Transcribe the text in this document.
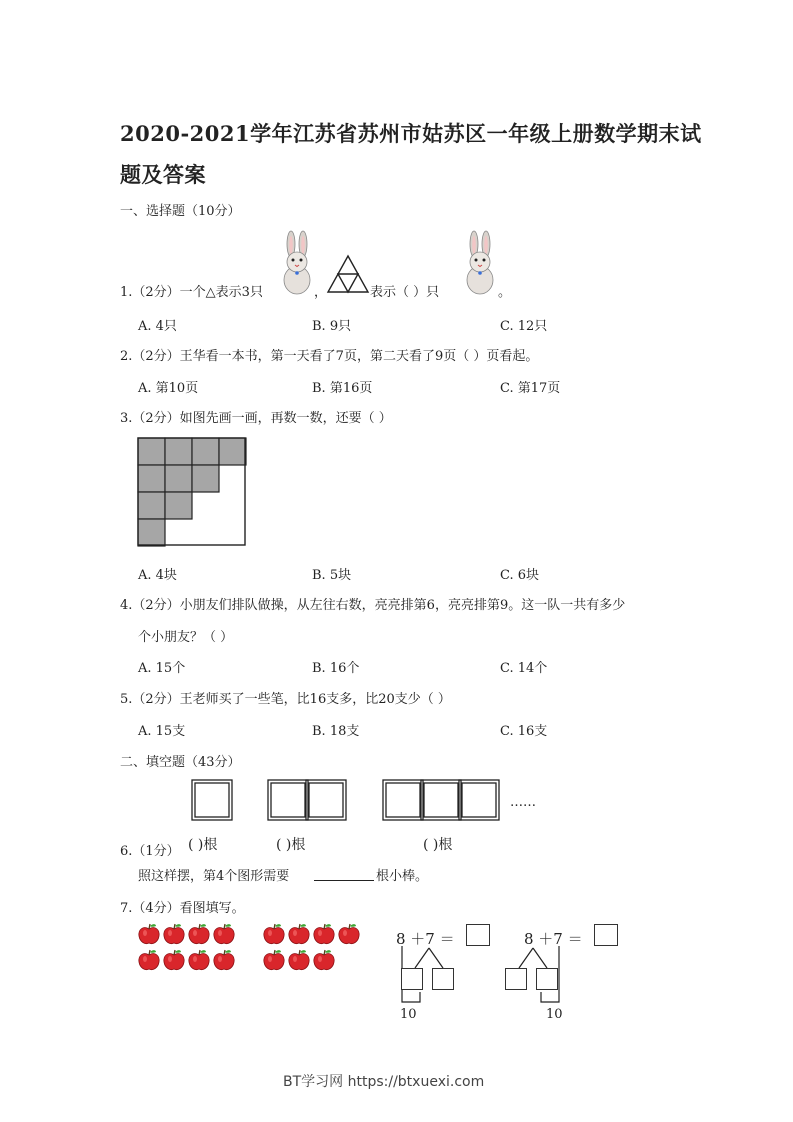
2020-2021学年江苏省苏州市姑苏区一年级上册数学期末试
题及答案
一、选择题（10分）
1.（2分）一个△表示3只	，	表示（ ）只	。
A. 4只	B. 9只	C. 12只
2.（2分）王华看一本书，第一天看了7页，第二天看了9页（ ）页看起。
A. 第10页	B. 第16页	C. 第17页
3.（2分）如图先画一画，再数一数，还要（ ）
A. 4块	B. 5块	C. 6块
4.（2分）小朋友们排队做操，从左往右数，亮亮排第6，亮亮排第9。这一队一共有多少
个小朋友？（ ）
A. 15个	B. 16个	C. 14个
5.（2分）王老师买了一些笔，比16支多，比20支少（ ）
A. 15支	B. 18支	C. 16支
二、填空题（43分）
……
( )根	( )根	( )根
6.（1分）
照这样摆，第4个图形需要	根小棒。
7.（4分）看图填写。
8 ＋7 ＝
10
8 ＋7 ＝
10
BT学习网 https://btxuexi.com
